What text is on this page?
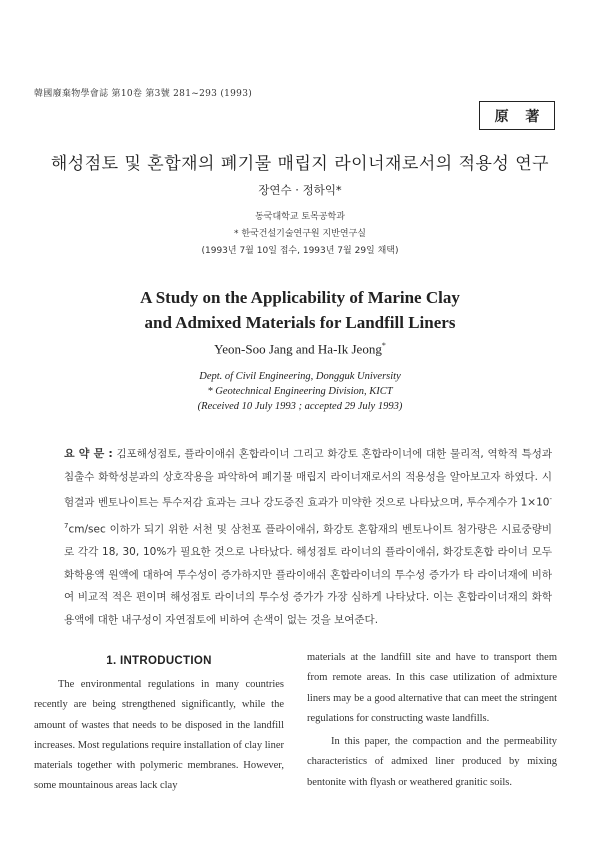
韓國廢棄物學會誌 第10卷 第3號 281~293 (1993)
原 著
해성점토 및 혼합재의 폐기물 매립지 라이너재로서의 적용성 연구
장연수 · 정하익*
동국대학교 토목공학과
* 한국건설기술연구원 지반연구실
(1993년 7월 10일 접수, 1993년 7월 29일 채택)
A Study on the Applicability of Marine Clay
and Admixed Materials for Landfill Liners
Yeon-Soo Jang and Ha-Ik Jeong*
Dept. of Civil Engineering, Dongguk University
* Geotechnical Engineering Division, KICT
(Received 10 July 1993 ; accepted 29 July 1993)
요 약 문 : 김포해성점토, 플라이애쉬 혼합라이너 그리고 화강토 혼합라이너에 대한 물리적, 역학적 특성과 침출수 화학성분과의 상호작용을 파악하여 폐기물 매립지 라이너재로서의 적용성을 알아보고자 하였다. 시험결과 벤토나이트는 투수저감 효과는 크나 강도증진 효과가 미약한 것으로 나타났으며, 투수계수가 $1\times 10^{-7}cm/\sec$ 이하가 되기 위한 서천 및 삼천포 플라이애쉬, 화강토 혼합재의 벤토나이트 첨가량은 시료중량비로 각각 18, 30, 10%가 필요한 것으로 나타났다. 해성점토 라이너의 플라이애쉬, 화강토혼합 라이너 모두 화학용액 원액에 대하여 투수성이 증가하지만 플라이애쉬 혼합라이너의 투수성 증가가 타 라이너재에 비하여 비교적 적은 편이며 해성점토 라이너의 투수성 증가가 가장 심하게 나타났다. 이는 혼합라이너재의 화학용액에 대한 내구성이 자연점토에 비하여 손색이 없는 것을 보여준다.
1. INTRODUCTION

The environmental regulations in many countries recently are being strengthened significantly, while the amount of wastes that needs to be disposed in the landfill increases. Most regulations require installation of clay liner materials together with polymeric membranes. However, some mountainous areas lack clay

materials at the landfill site and have to transport them from remote areas. In this case utilization of admixture liners may be a good alternative that can meet the stringent regulations for constructing waste landfills.

In this paper, the compaction and the permeability characteristics of admixed liner produced by mixing bentonite with flyash or weathered granitic soils.
